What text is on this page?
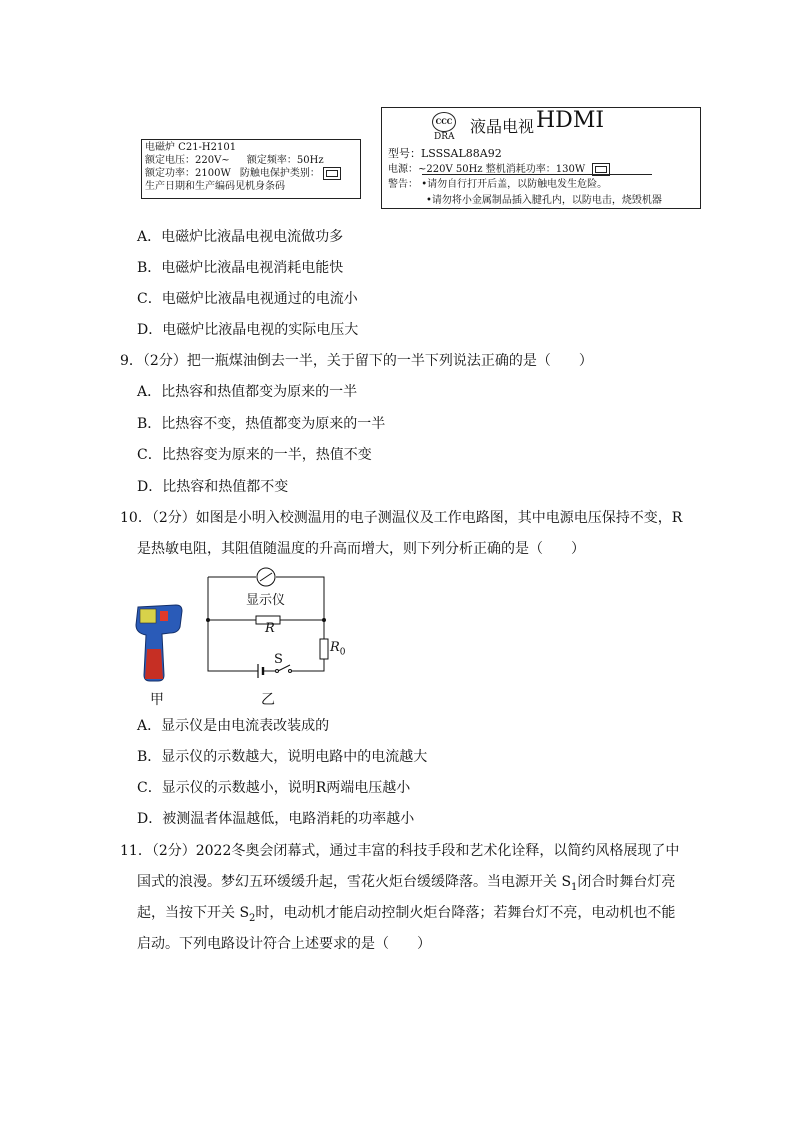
电磁炉 C21-H2101
额定电压：220V~ 额定频率：50Hz
额定功率：2100W 防触电保护类别：
生产日期和生产编码见机身条码
CCC
DRA
液晶电视 HDMI
型号：LSSSAL88A92
电源：~220V 50Hz 整机消耗功率：130W
警告： •请勿自行打开后盖，以防触电发生危险。
•请勿将小金属制品插入腱孔内，以防电击，烧毁机器
A．电磁炉比液晶电视电流做功多
B．电磁炉比液晶电视消耗电能快
C．电磁炉比液晶电视通过的电流小
D．电磁炉比液晶电视的实际电压大
9．（2分）把一瓶煤油倒去一半，关于留下的一半下列说法正确的是（　　）
A．比热容和热值都变为原来的一半
B．比热容不变，热值都变为原来的一半
C．比热容变为原来的一半，热值不变
D．比热容和热值都不变
10．（2分）如图是小明入校测温用的电子测温仪及工作电路图，其中电源电压保持不变，R
是热敏电阻，其阻值随温度的升高而增大，则下列分析正确的是（　　）
显示仪
R
$R_0$
S
甲	乙
A．显示仪是由电流表改装成的
B．显示仪的示数越大，说明电路中的电流越大
C．显示仪的示数越小，说明R两端电压越小
D．被测温者体温越低，电路消耗的功率越小
11．（2分）2022冬奥会闭幕式，通过丰富的科技手段和艺术化诠释，以简约风格展现了中
国式的浪漫。梦幻五环缓缓升起，雪花火炬台缓缓降落。当电源开关 $S_1$闭合时舞台灯亮
起，当按下开关 $S_2$时，电动机才能启动控制火炬台降落；若舞台灯不亮，电动机也不能
启动。下列电路设计符合上述要求的是（　　）
